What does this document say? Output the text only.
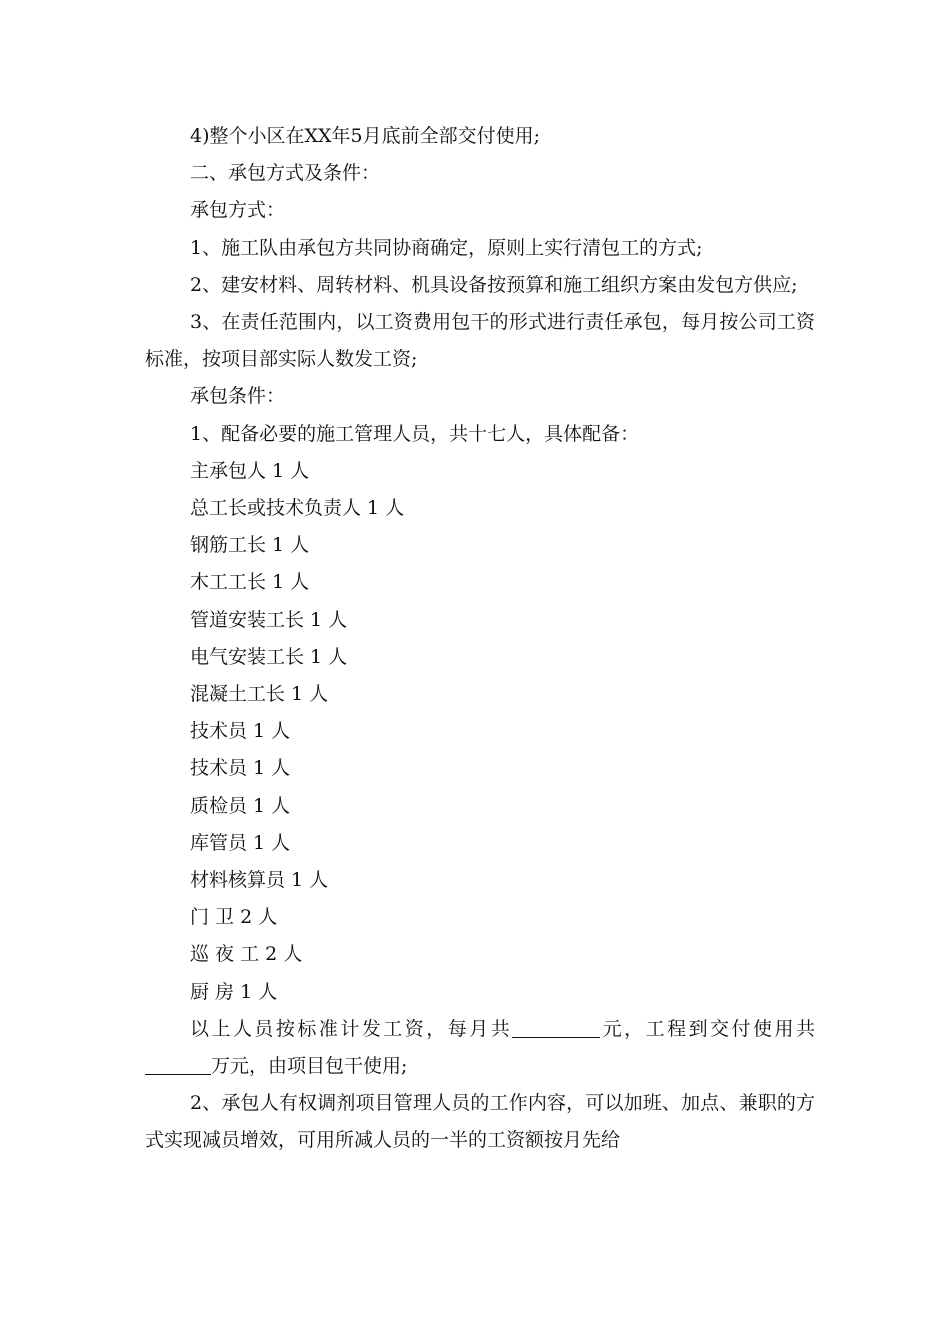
4)整个小区在XX年5月底前全部交付使用;

二、承包方式及条件：

承包方式：

1、施工队由承包方共同协商确定，原则上实行清包工的方式;

2、建安材料、周转材料、机具设备按预算和施工组织方案由发包方供应;

3、在责任范围内，以工资费用包干的形式进行责任承包，每月按公司工资标准，按项目部实际人数发工资;

承包条件：

1、配备必要的施工管理人员，共十七人，具体配备：

主承包人 1 人

总工长或技术负责人 1 人

钢筋工长 1 人

木工工长 1 人

管道安装工长 1 人

电气安装工长 1 人

混凝土工长 1 人

技术员 1 人

技术员 1 人

质检员 1 人

库管员 1 人

材料核算员 1 人

门 卫 2 人

巡 夜 工 2 人

厨 房 1 人

以上人员按标准计发工资，每月共	元，工程到交付使用共万元，由项目包干使用;

2、承包人有权调剂项目管理人员的工作内容，可以加班、加点、兼职的方式实现减员增效，可用所减人员的一半的工资额按月先给
